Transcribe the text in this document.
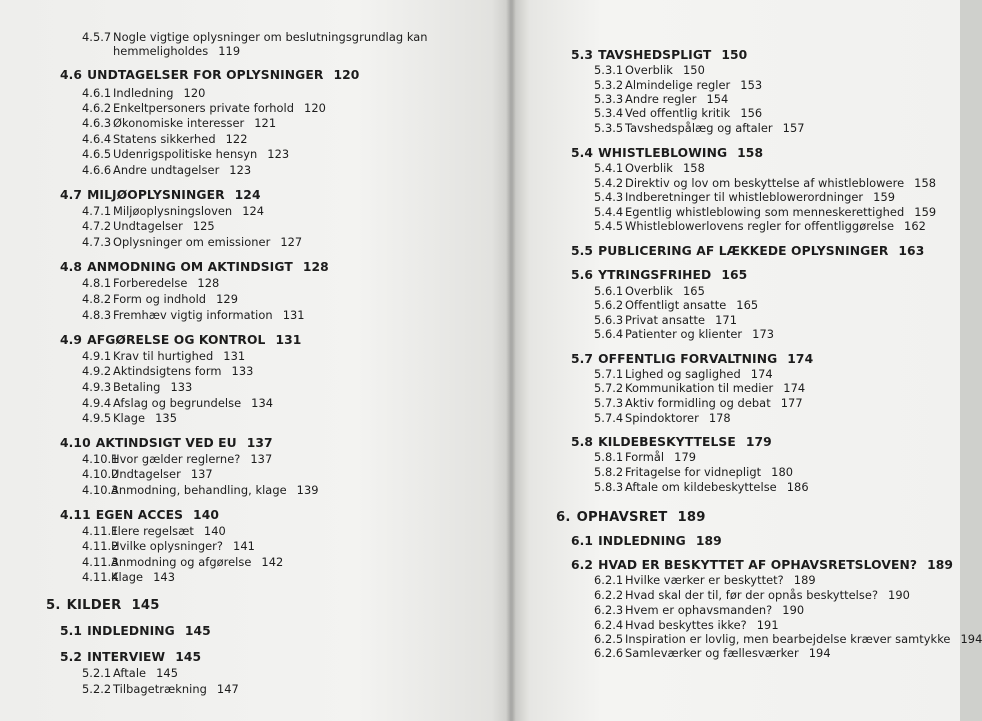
4.5.7 Nogle vigtige oplysninger om beslutningsgrundlag kan
hemmeligholdes 119
4.6 UNDTAGELSER FOR OPLYSNINGER 120
4.6.1 Indledning 120
4.6.2 Enkeltpersoners private forhold 120
4.6.3 Økonomiske interesser 121
4.6.4 Statens sikkerhed 122
4.6.5 Udenrigspolitiske hensyn 123
4.6.6 Andre undtagelser 123
4.7 MILJØOPLYSNINGER 124
4.7.1 Miljøoplysningsloven 124
4.7.2 Undtagelser 125
4.7.3 Oplysninger om emissioner 127
4.8 ANMODNING OM AKTINDSIGT 128
4.8.1 Forberedelse 128
4.8.2 Form og indhold 129
4.8.3 Fremhæv vigtig information 131
4.9 AFGØRELSE OG KONTROL 131
4.9.1 Krav til hurtighed 131
4.9.2 Aktindsigtens form 133
4.9.3 Betaling 133
4.9.4 Afslag og begrundelse 134
4.9.5 Klage 135
4.10 AKTINDSIGT VED EU 137
4.10.1Hvor gælder reglerne? 137
4.10.2Undtagelser 137
4.10.3Anmodning, behandling, klage 139
4.11 EGEN ACCES 140
4.11.1Flere regelsæt 140
4.11.2Hvilke oplysninger? 141
4.11.3Anmodning og afgørelse 142
4.11.4Klage 143
5. KILDER 145
5.1 INDLEDNING 145
5.2 INTERVIEW 145
5.2.1 Aftale 145
5.2.2 Tilbagetrækning 147
5.3 TAVSHEDSPLIGT 150
5.3.1 Overblik 150
5.3.2 Almindelige regler 153
5.3.3 Andre regler 154
5.3.4 Ved offentlig kritik 156
5.3.5 Tavshedspålæg og aftaler 157
5.4 WHISTLEBLOWING 158
5.4.1 Overblik 158
5.4.2 Direktiv og lov om beskyttelse af whistleblowere 158
5.4.3 Indberetninger til whistleblowerordninger 159
5.4.4 Egentlig whistleblowing som menneskerettighed 159
5.4.5 Whistleblowerlovens regler for offentliggørelse 162
5.5 PUBLICERING AF LÆKKEDE OPLYSNINGER 163
5.6 YTRINGSFRIHED 165
5.6.1 Overblik 165
5.6.2 Offentligt ansatte 165
5.6.3 Privat ansatte 171
5.6.4 Patienter og klienter 173
5.7 OFFENTLIG FORVALTNING 174
5.7.1 Lighed og saglighed 174
5.7.2 Kommunikation til medier 174
5.7.3 Aktiv formidling og debat 177
5.7.4 Spindoktorer 178
5.8 KILDEBESKYTTELSE 179
5.8.1 Formål 179
5.8.2 Fritagelse for vidnepligt 180
5.8.3 Aftale om kildebeskyttelse 186
6. OPHAVSRET 189
6.1 INDLEDNING 189
6.2 HVAD ER BESKYTTET AF OPHAVSRETSLOVEN? 189
6.2.1 Hvilke værker er beskyttet? 189
6.2.2 Hvad skal der til, før der opnås beskyttelse? 190
6.2.3 Hvem er ophavsmanden? 190
6.2.4 Hvad beskyttes ikke? 191
6.2.5 Inspiration er lovlig, men bearbejdelse kræver samtykke 194
6.2.6 Samleværker og fællesværker 194
